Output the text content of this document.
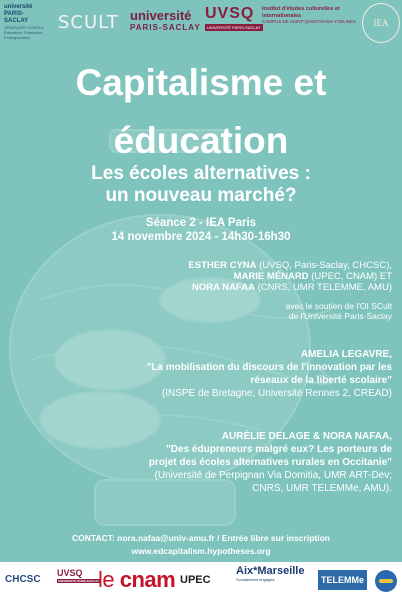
université PARIS-SACLAY
GRADUATE SCHOOL Éducation, Formation, Enseignement
SCULT université
PARIS-SACLAY
UVSQ
UNIVERSITÉ PARIS-SACLAY
Institut d'études culturelles et internationales
CAMPUS DE SAINT-QUENTIN-EN-YVELINES	IEA
Capitalisme et
éducation
Les écoles alternatives :
un nouveau marché?
Séance 2 - IEA Paris
14 novembre 2024 - 14h30-16h30
ESTHER CYNA (UVSQ, Paris-Saclay, CHCSC),
MARIE MÉNARD (UPEC, CNAM) ET
NORA NAFAA (CNRS, UMR TELEMME, AMU)
avec le soutien de l'OI SCult
de l'Université Paris-Saclay
AMELIA LEGAVRE,
"La mobilisation du discours de l'innovation par les
réseaux de la liberté scolaire"
(INSPE de Bretagne, Université Rennes 2, CREAD)
AURÉLIE DELAGE & NORA NAFAA,
"Des édupreneurs malgré eux? Les porteurs de
projet des écoles alternatives rurales en Occitanie"
(Université de Perpignan Via Domitia, UMR ART-Dev;
CNRS, UMR TELEMMe, AMU).
CONTACT: nora.nafaa@univ-amu.fr / Entrée libre sur inscription
www.edcapitalism.hypotheses.org
CHCSC
UVSQ
UNIVERSITÉ PARIS-SACLAY le cnam UPEC
Aix*Marseille
Socialement engagée	TELEMMe
